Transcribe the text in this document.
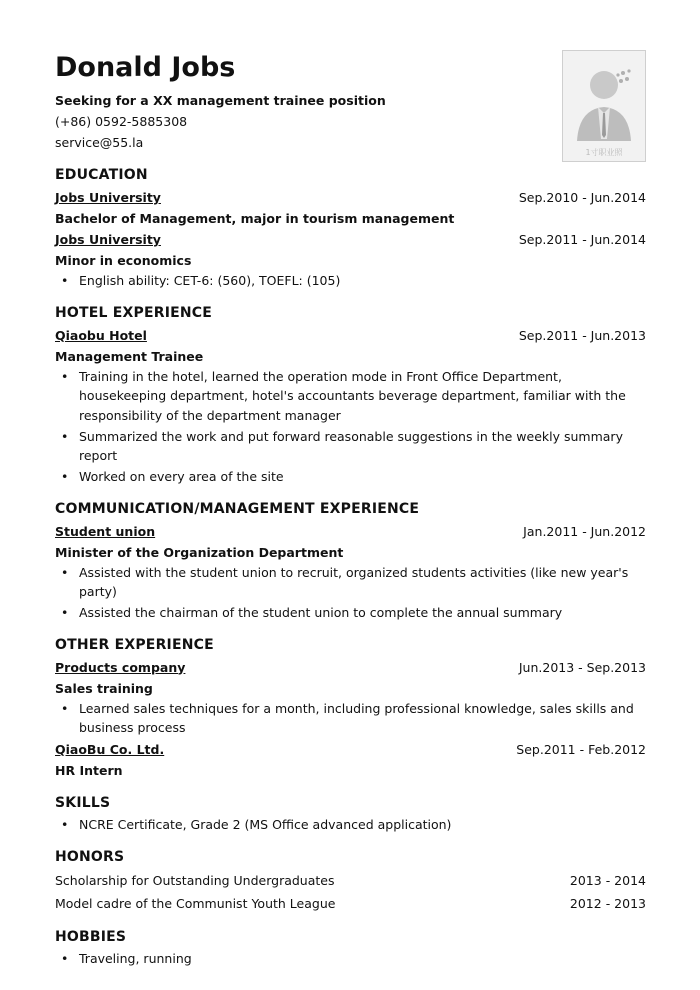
1寸职业照
Donald Jobs
Seeking for a XX management trainee position
(+86) 0592-5885308
service@55.la
EDUCATION
Jobs University	Sep.2010 - Jun.2014
Bachelor of Management, major in tourism management
Jobs University	Sep.2011 - Jun.2014
Minor in economics
• English ability: CET-6: (560), TOEFL: (105)
HOTEL EXPERIENCE
Qiaobu Hotel	Sep.2011 - Jun.2013
Management Trainee
• Training in the hotel, learned the operation mode in Front Office Department, housekeeping department, hotel's accountants beverage department, familiar with the responsibility of the department manager
• Summarized the work and put forward reasonable suggestions in the weekly summary report
• Worked on every area of the site
COMMUNICATION/MANAGEMENT EXPERIENCE
Student union	Jan.2011 - Jun.2012
Minister of the Organization Department
• Assisted with the student union to recruit, organized students activities (like new year's party)
• Assisted the chairman of the student union to complete the annual summary
OTHER EXPERIENCE
Products company	Jun.2013 - Sep.2013
Sales training
• Learned sales techniques for a month, including professional knowledge, sales skills and business process
QiaoBu Co. Ltd.	Sep.2011 - Feb.2012
HR Intern
SKILLS
• NCRE Certificate, Grade 2 (MS Office advanced application)
HONORS
Scholarship for Outstanding Undergraduates	2013 - 2014
Model cadre of the Communist Youth League	2012 - 2013
HOBBIES
• Traveling, running
